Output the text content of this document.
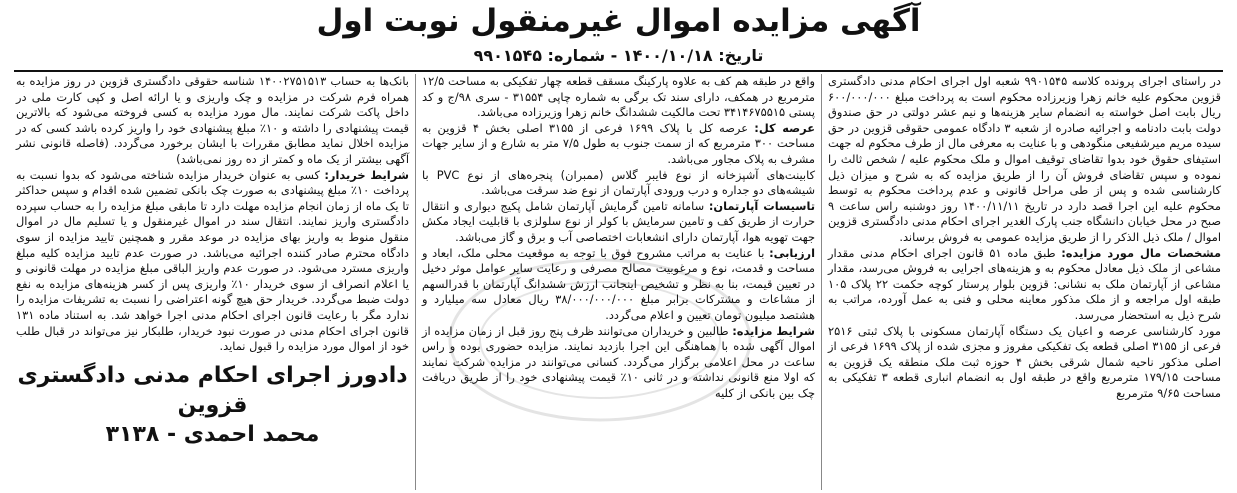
آگهی مزایده اموال غیرمنقول نوبت اول
تاریخ: ۱۴۰۰/۱۰/۱۸ - شماره: ۹۹۰۱۵۴۵

در راستای اجرای پرونده کلاسه ۹۹۰۱۵۴۵ شعبه اول اجرای احکام مدنی دادگستری قزوین محکوم علیه خانم زهرا وزیرزاده محکوم است به پرداخت مبلغ ۶۰۰/۰۰۰/۰۰۰ ریال بابت اصل خواسته به انضمام سایر هزینه‌ها و نیم عشر دولتی در حق صندوق دولت بابت دادنامه و اجرائیه صادره از شعبه ۳ دادگاه عمومی حقوقی قزوین در حق سیده مریم میرشفیعی منگودهی و با عنایت به معرفی مال از طرف محکوم له جهت استیفای حقوق خود بدوا تقاضای توقیف اموال و ملک محکوم علیه / شخص ثالث را نموده و سپس تقاضای فروش آن را از طریق مزایده که به شرح و میزان ذیل کارشناسی شده و پس از طی مراحل قانونی و عدم پرداخت محکوم به توسط محکوم علیه این اجرا قصد دارد در تاریخ ۱۴۰۰/۱۱/۱۱ روز دوشنبه راس ساعت ۹ صبح در محل خیابان دانشگاه جنب پارک الغدیر اجرای احکام مدنی دادگستری قزوین اموال / ملک ذیل الذکر را از طریق مزایده عمومی به فروش برساند.

مشخصات مال مورد مزایده: طبق ماده ۵۱ قانون اجرای احکام مدنی مقدار مشاعی از ملک ذیل معادل محکوم به و هزینه‌های اجرایی به فروش می‌رسد، مقدار مشاعی از آپارتمان ملک به نشانی: قزوین بلوار پرستار کوچه حکمت ۲۲ پلاک ۱۰۵ طبقه اول مراجعه و از ملک مذکور معاینه محلی و فنی به عمل آورده، مراتب به شرح ذیل به استحضار می‌رسد.

مورد کارشناسی عرصه و اعیان یک دستگاه آپارتمان مسکونی با پلاک ثبتی ۲۵۱۶ فرعی از ۳۱۵۵ اصلی قطعه یک تفکیکی مفروز و مجزی شده از پلاک ۱۶۹۹ فرعی از اصلی مذکور ناحیه شمال شرقی بخش ۴ حوزه ثبت ملک منطقه یک قزوین به مساحت ۱۷۹/۱۵ مترمربع واقع در طبقه اول به انضمام انباری قطعه ۳ تفکیکی به مساحت ۹/۶۵ مترمربع

واقع در طبقه هم کف به علاوه پارکینگ مسقف قطعه چهار تفکیکی به مساحت ۱۲/۵ مترمربع در همکف، دارای سند تک برگی به شماره چاپی ۳۱۵۵۴ - سری ۹۸/ج و کد پستی ۳۴۱۴۶۷۵۵۱۵ تحت مالکیت ششدانگ خانم زهرا وزیرزاده می‌باشد.

عرصه کل: عرصه کل با پلاک ۱۶۹۹ فرعی از ۳۱۵۵ اصلی بخش ۴ قزوین به مساحت ۳۰۰ مترمربع که از سمت جنوب به طول ۷/۵ متر به شارع و از سایر جهات مشرف به پلاک مجاور می‌باشد.

کابینت‌های آشپزخانه از نوع فایبر گلاس (ممبران) پنجره‌های از نوع PVC با شیشه‌های دو جداره و درب ورودی آپارتمان از نوع ضد سرقت می‌باشد.

تاسیسات آپارتمان: سامانه تامین گرمایش آپارتمان شامل پکیج دیواری و انتقال حرارت از طریق کف و تامین سرمایش با کولر از نوع سلولزی با قابلیت ایجاد مکش جهت تهویه هوا، آپارتمان دارای انشعابات اختصاصی آب و برق و گاز می‌باشد.

ارزیابی: با عنایت به مراتب مشروح فوق با توجه به موقعیت محلی ملک، ابعاد و مساحت و قدمت، نوع و مرغوبیت مصالح مصرفی و رعایت سایر عوامل موثر دخیل در تعیین قیمت، بنا به نظر و تشخیص اینجانب ارزش ششدانگ آپارتمان با قدرالسهم از مشاعات و مشترکات برابر مبلغ ۳۸/۰۰۰/۰۰۰/۰۰۰ ریال معادل سه میلیارد و هشتصد میلیون تومان تعیین و اعلام می‌گردد.

شرایط مزایده: طالبین و خریداران می‌توانند ظرف پنج روز قبل از زمان مزایده از اموال آگهی شده با هماهنگی این اجرا بازدید نمایند. مزایده حضوری بوده و راس ساعت در محل اعلامی برگزار می‌گردد. کسانی می‌توانند در مزایده شرکت نمایند که اولا منع قانونی نداشته و در ثانی ۱۰٪ قیمت پیشنهادی خود را از طریق دریافت چک بین بانکی از کلیه

بانک‌ها به حساب ۱۴۰۰۲۷۵۱۵۱۳ شناسه حقوقی دادگستری قزوین در روز مزایده به همراه فرم شرکت در مزایده و چک واریزی و یا ارائه اصل و کپی کارت ملی در داخل پاکت شرکت نمایند. مال مورد مزایده به کسی فروخته می‌شود که بالاترین قیمت پیشنهادی را داشته و ۱۰٪ مبلغ پیشنهادی خود را واریز کرده باشد کسی که در مزایده اخلال نماید مطابق مقررات با ایشان برخورد می‌گردد. (فاصله قانونی نشر آگهی بیشتر از یک ماه و کمتر از ده روز نمی‌باشد)

شرایط خریدار: کسی به عنوان خریدار مزایده شناخته می‌شود که بدوا نسبت به پرداخت ۱۰٪ مبلغ پیشنهادی به صورت چک بانکی تضمین شده اقدام و سپس حداکثر تا یک ماه از زمان انجام مزایده مهلت دارد تا مابقی مبلغ مزایده را به حساب سپرده دادگستری واریز نمایند. انتقال سند در اموال غیرمنقول و یا تسلیم مال در اموال منقول منوط به واریز بهای مزایده در موعد مقرر و همچنین تایید مزایده از سوی دادگاه محترم صادر کننده اجرائیه می‌باشد. در صورت عدم تایید مزایده کلیه مبلغ واریزی مسترد می‌شود. در صورت عدم واریز الباقی مبلغ مزایده در مهلت قانونی و یا اعلام انصراف از سوی خریدار ۱۰٪ واریزی پس از کسر هزینه‌های مزایده به نفع دولت ضبط می‌گردد. خریدار حق هیچ گونه اعتراضی را نسبت به تشریفات مزایده را ندارد مگر با رعایت قانون اجرای احکام مدنی اجرا خواهد شد. به استناد ماده ۱۳۱ قانون اجرای احکام مدنی در صورت نبود خریدار، طلبکار نیز می‌تواند در قبال طلب خود از اموال مورد مزایده را قبول نماید.

دادورز اجرای احکام مدنی دادگستری قزوین
محمد احمدی - ۳۱۳۸
